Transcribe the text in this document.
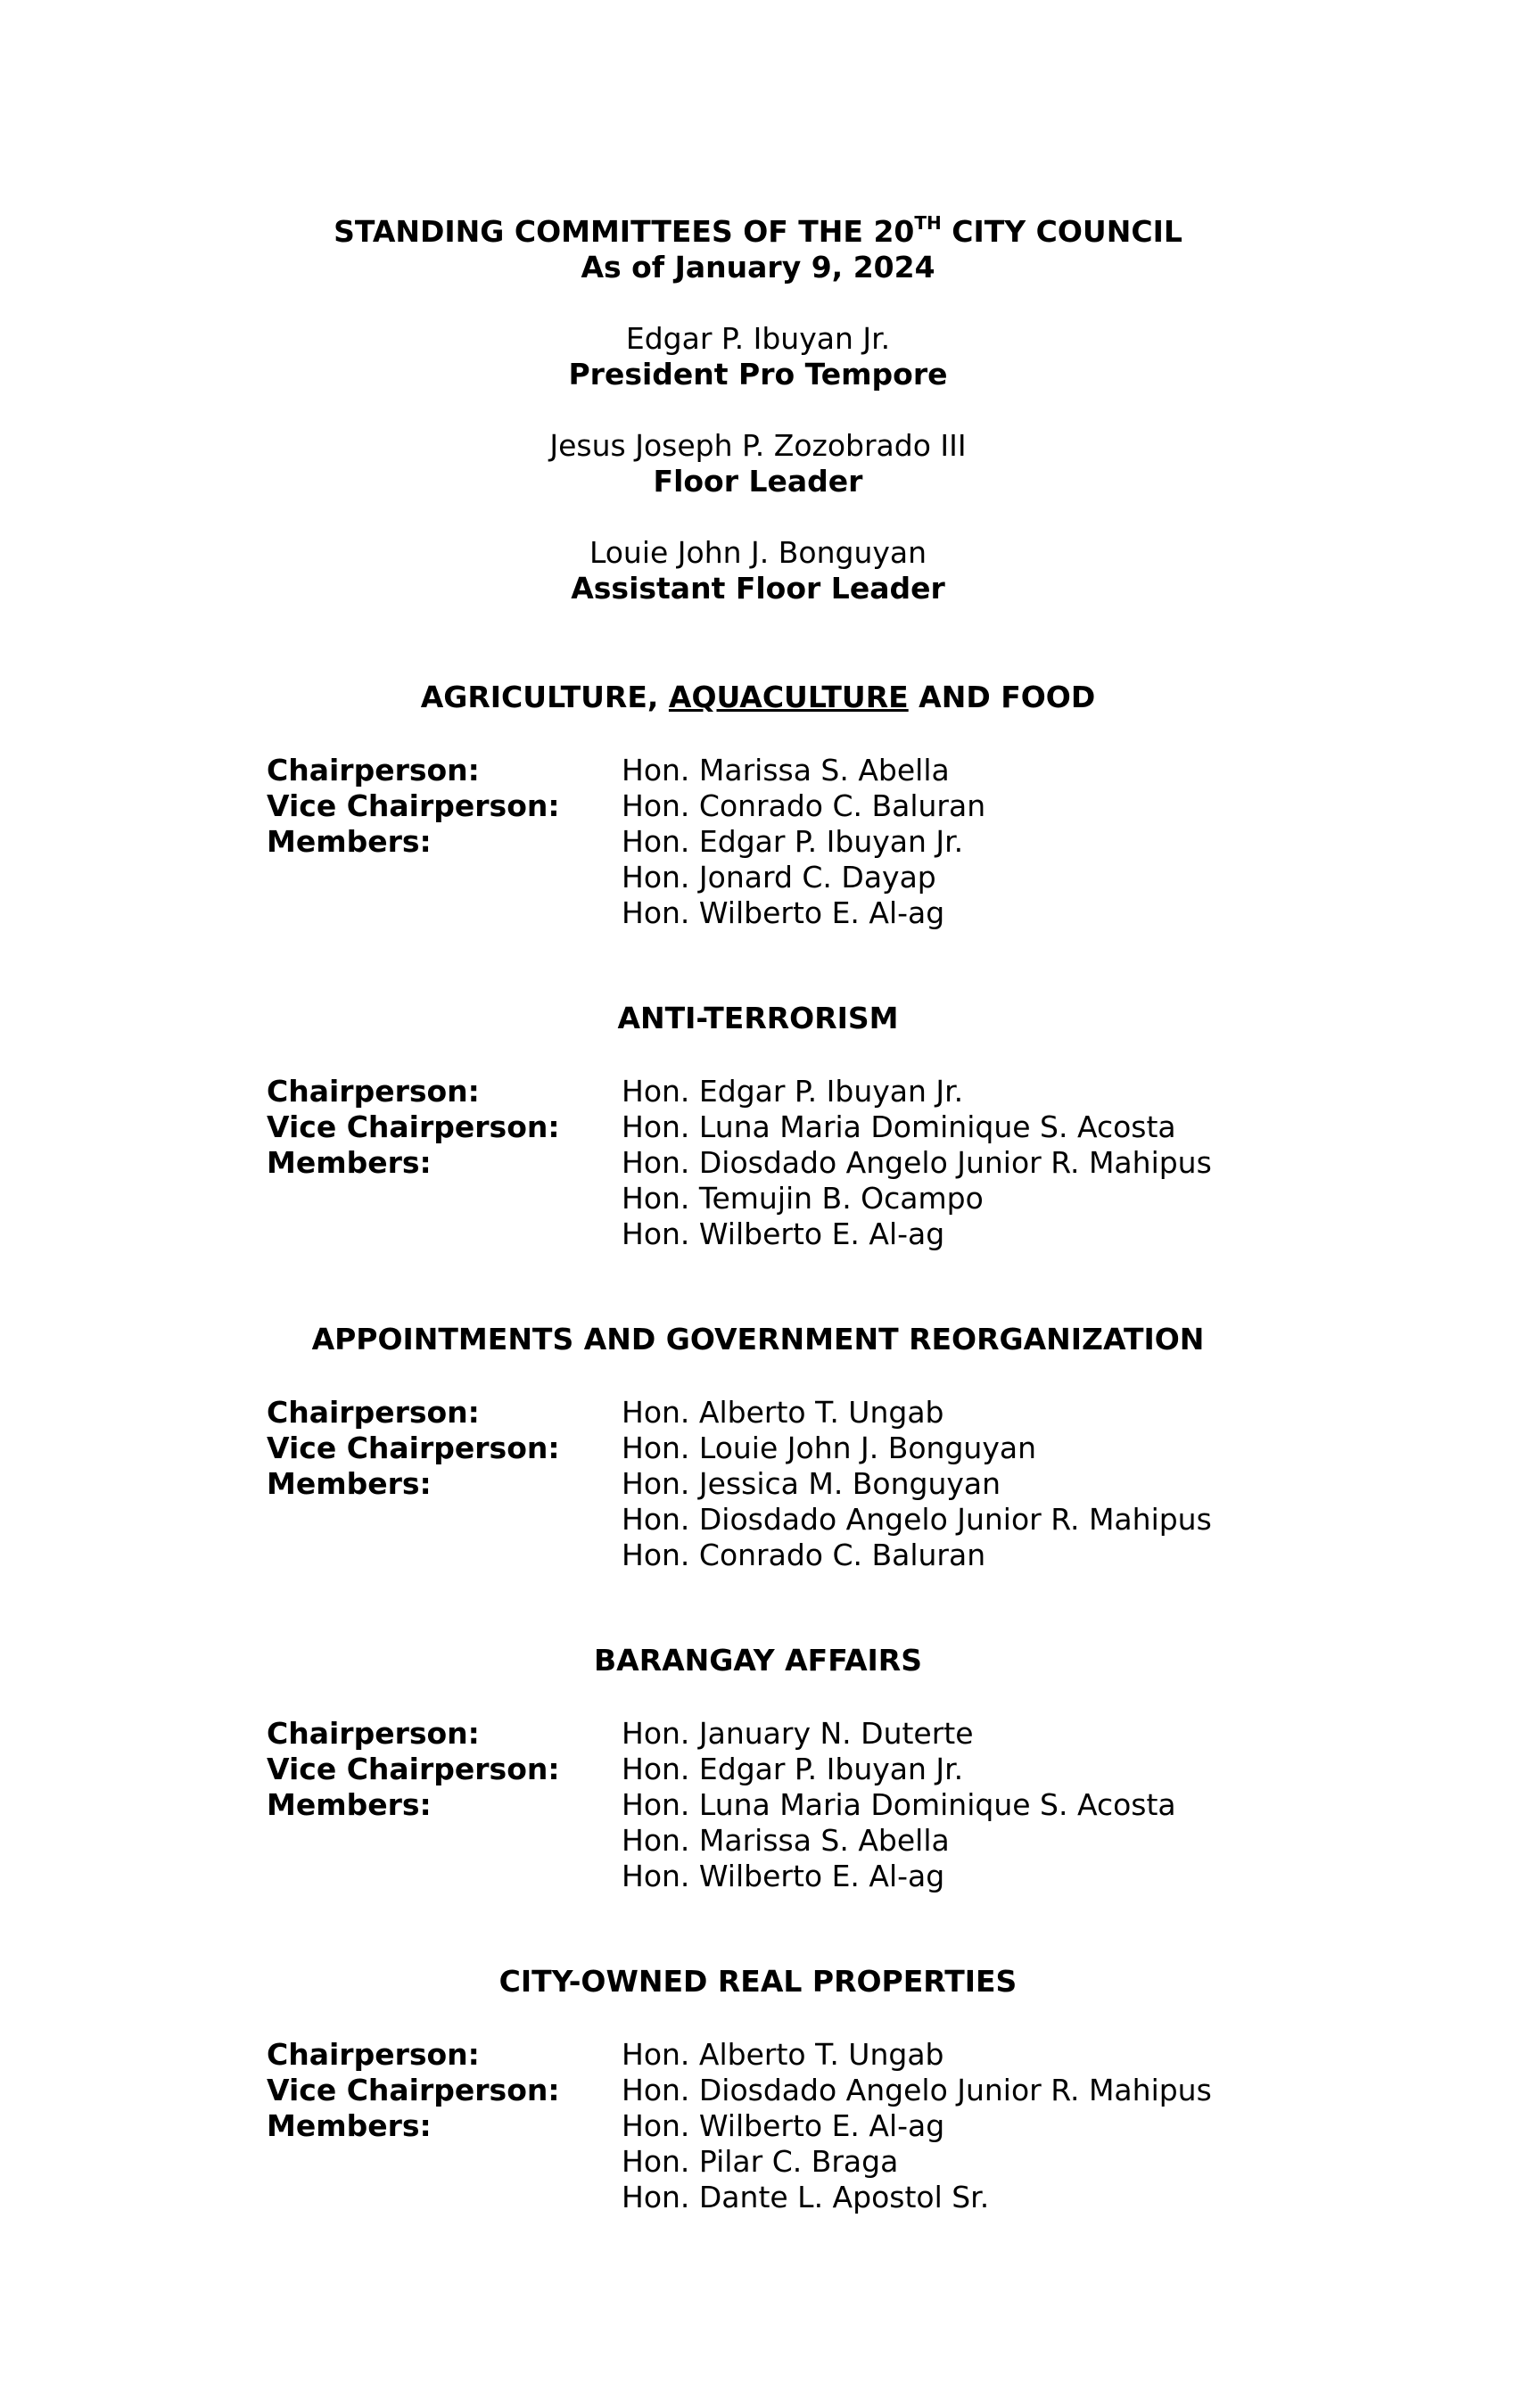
STANDING COMMITTEES OF THE 20TH CITY COUNCIL
As of January 9, 2024
Edgar P. Ibuyan Jr.
President Pro Tempore
Jesus Joseph P. Zozobrado III
Floor Leader
Louie John J. Bonguyan
Assistant Floor Leader
AGRICULTURE, AQUACULTURE AND FOOD
Chairperson:	Hon. Marissa S. Abella
Vice Chairperson: Hon. Conrado C. Baluran
Members:	Hon. Edgar P. Ibuyan Jr.
Hon. Jonard C. Dayap
Hon. Wilberto E. Al-ag
ANTI-TERRORISM
Chairperson:	Hon. Edgar P. Ibuyan Jr.
Vice Chairperson: Hon. Luna Maria Dominique S. Acosta
Members:	Hon. Diosdado Angelo Junior R. Mahipus
Hon. Temujin B. Ocampo
Hon. Wilberto E. Al-ag
APPOINTMENTS AND GOVERNMENT REORGANIZATION
Chairperson:	Hon. Alberto T. Ungab
Vice Chairperson: Hon. Louie John J. Bonguyan
Members:	Hon. Jessica M. Bonguyan
Hon. Diosdado Angelo Junior R. Mahipus
Hon. Conrado C. Baluran
BARANGAY AFFAIRS
Chairperson:	Hon. January N. Duterte
Vice Chairperson: Hon. Edgar P. Ibuyan Jr.
Members:	Hon. Luna Maria Dominique S. Acosta
Hon. Marissa S. Abella
Hon. Wilberto E. Al-ag
CITY-OWNED REAL PROPERTIES
Chairperson:	Hon. Alberto T. Ungab
Vice Chairperson: Hon. Diosdado Angelo Junior R. Mahipus
Members:	Hon. Wilberto E. Al-ag
Hon. Pilar C. Braga
Hon. Dante L. Apostol Sr.
